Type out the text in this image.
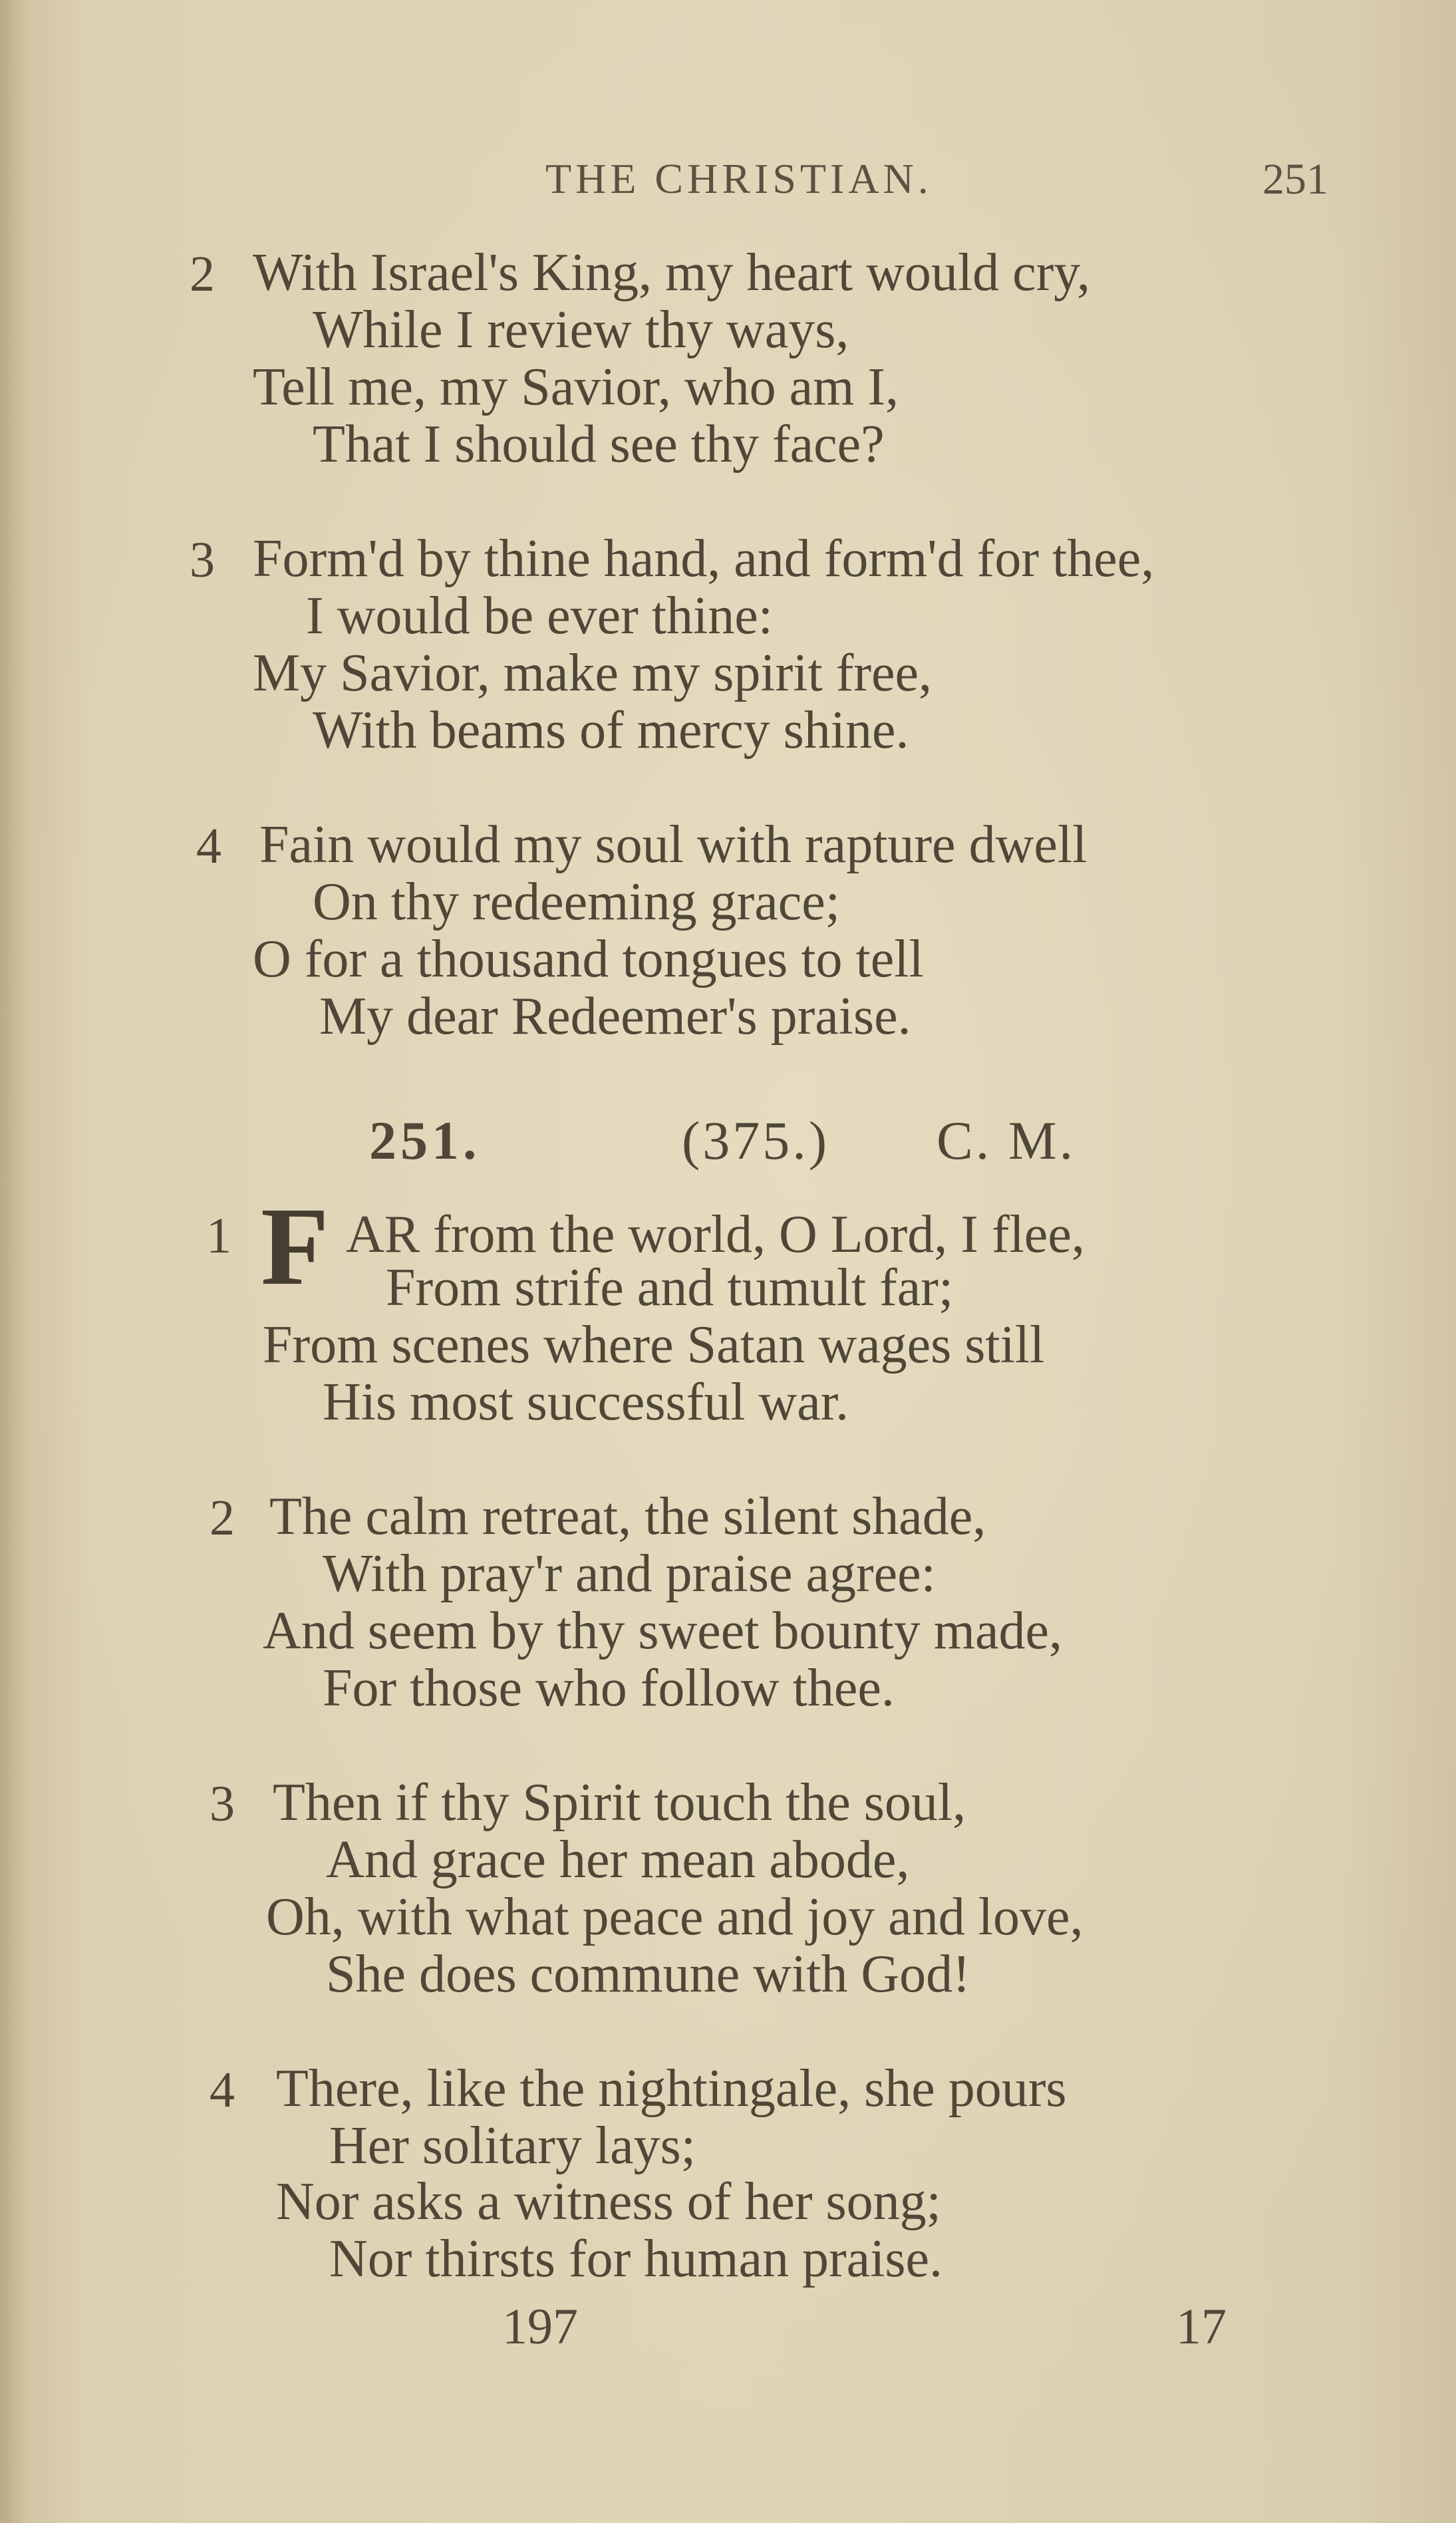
THE CHRISTIAN.	251
2 With Israel's King, my heart would cry,
While I review thy ways,
Tell me, my Savior, who am I,
That I should see thy face?
3 Form'd by thine hand, and form'd for thee,
I would be ever thine:
My Savior, make my spirit free,
With beams of mercy shine.
4 Fain would my soul with rapture dwell
On thy redeeming grace;
O for a thousand tongues to tell
My dear Redeemer's praise.
251.	(375.) C. M.
1 F AR from the world, O Lord, I flee,
From strife and tumult far;
From scenes where Satan wages still
His most successful war.
2 The calm retreat, the silent shade,
With pray'r and praise agree:
And seem by thy sweet bounty made,
For those who follow thee.
3 Then if thy Spirit touch the soul,
And grace her mean abode,
Oh, with what peace and joy and love,
She does commune with God!
4 There, like the nightingale, she pours
Her solitary lays;
Nor asks a witness of her song;
Nor thirsts for human praise.
197	17
